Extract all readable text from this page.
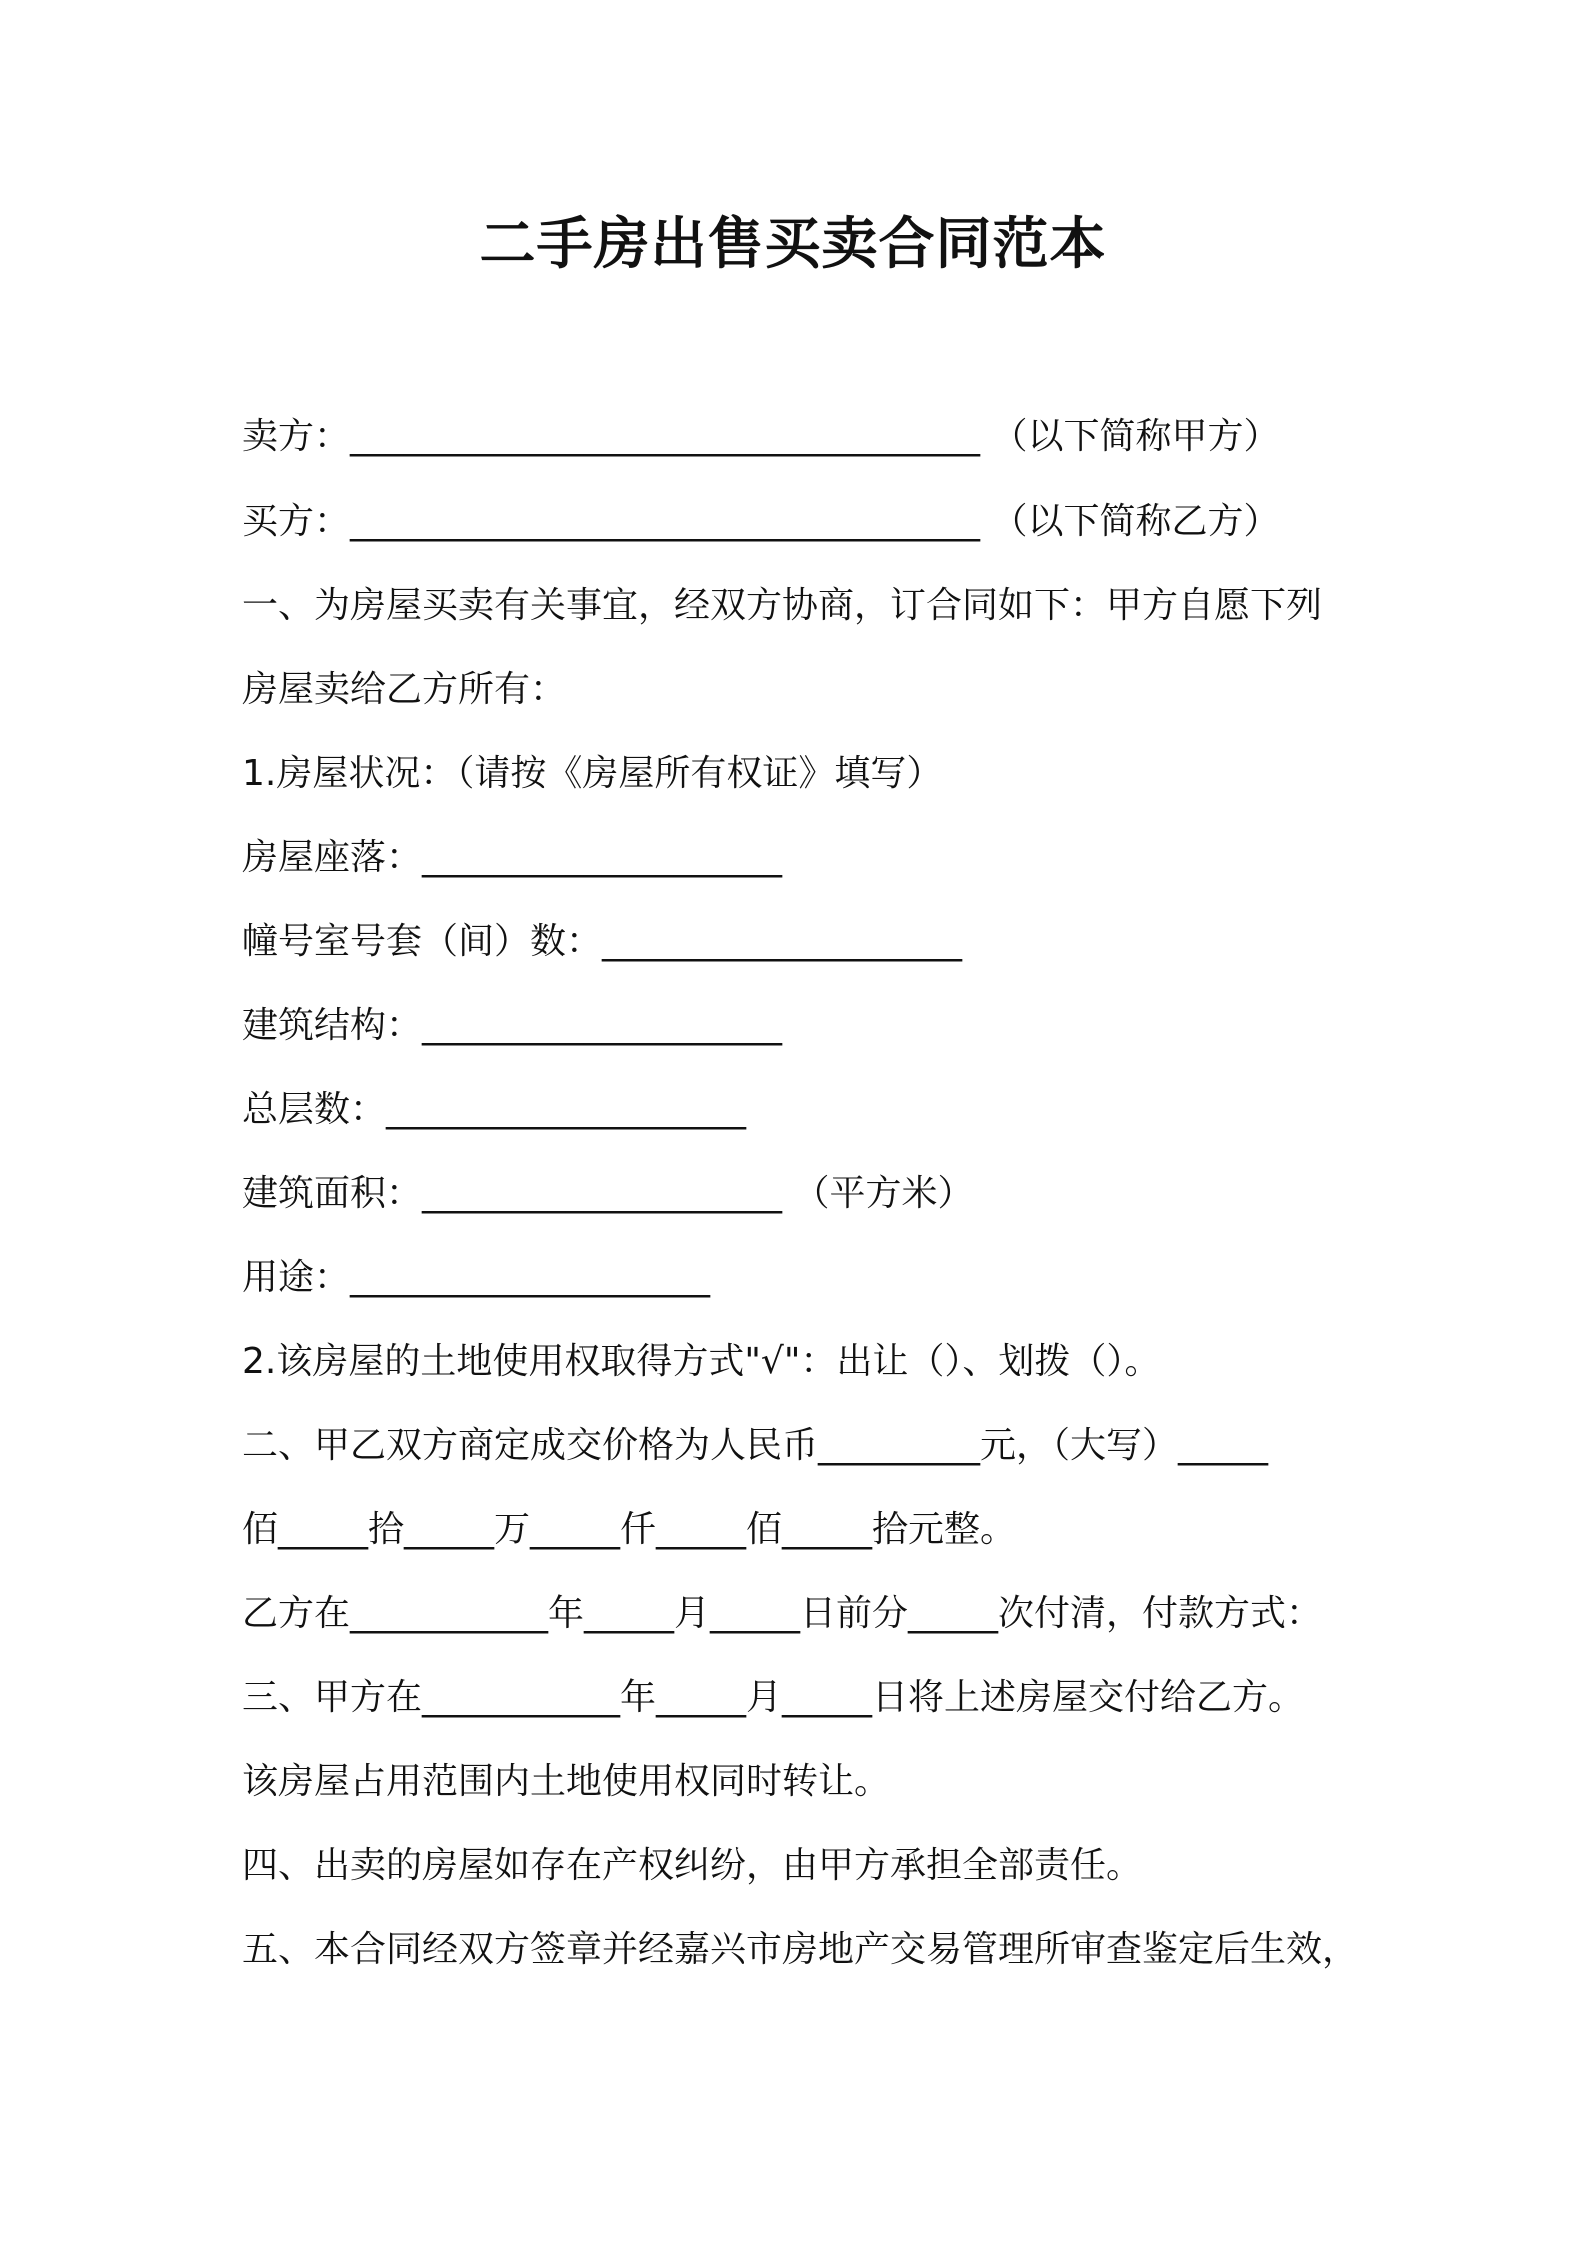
二手房出售买卖合同范本
卖方：___________________________________ （以下简称甲方）
买方：___________________________________ （以下简称乙方）
一、为房屋买卖有关事宜，经双方协商，订合同如下：甲方自愿下列
房屋卖给乙方所有：
1.房屋状况：（请按《房屋所有权证》填写）
房屋座落：____________________
幢号室号套（间）数：____________________
建筑结构：____________________
总层数：____________________
建筑面积：____________________ （平方米）
用途：____________________
2.该房屋的土地使用权取得方式"√"：出让（）、划拨（）。
二、甲乙双方商定成交价格为人民币_________元，（大写）_____
佰_____拾_____万_____仟_____佰_____拾元整。
乙方在___________年_____月_____日前分_____次付清，付款方式：
三、甲方在___________年_____月_____日将上述房屋交付给乙方。
该房屋占用范围内土地使用权同时转让。
四、出卖的房屋如存在产权纠纷，由甲方承担全部责任。
五、本合同经双方签章并经嘉兴市房地产交易管理所审查鉴定后生效，
